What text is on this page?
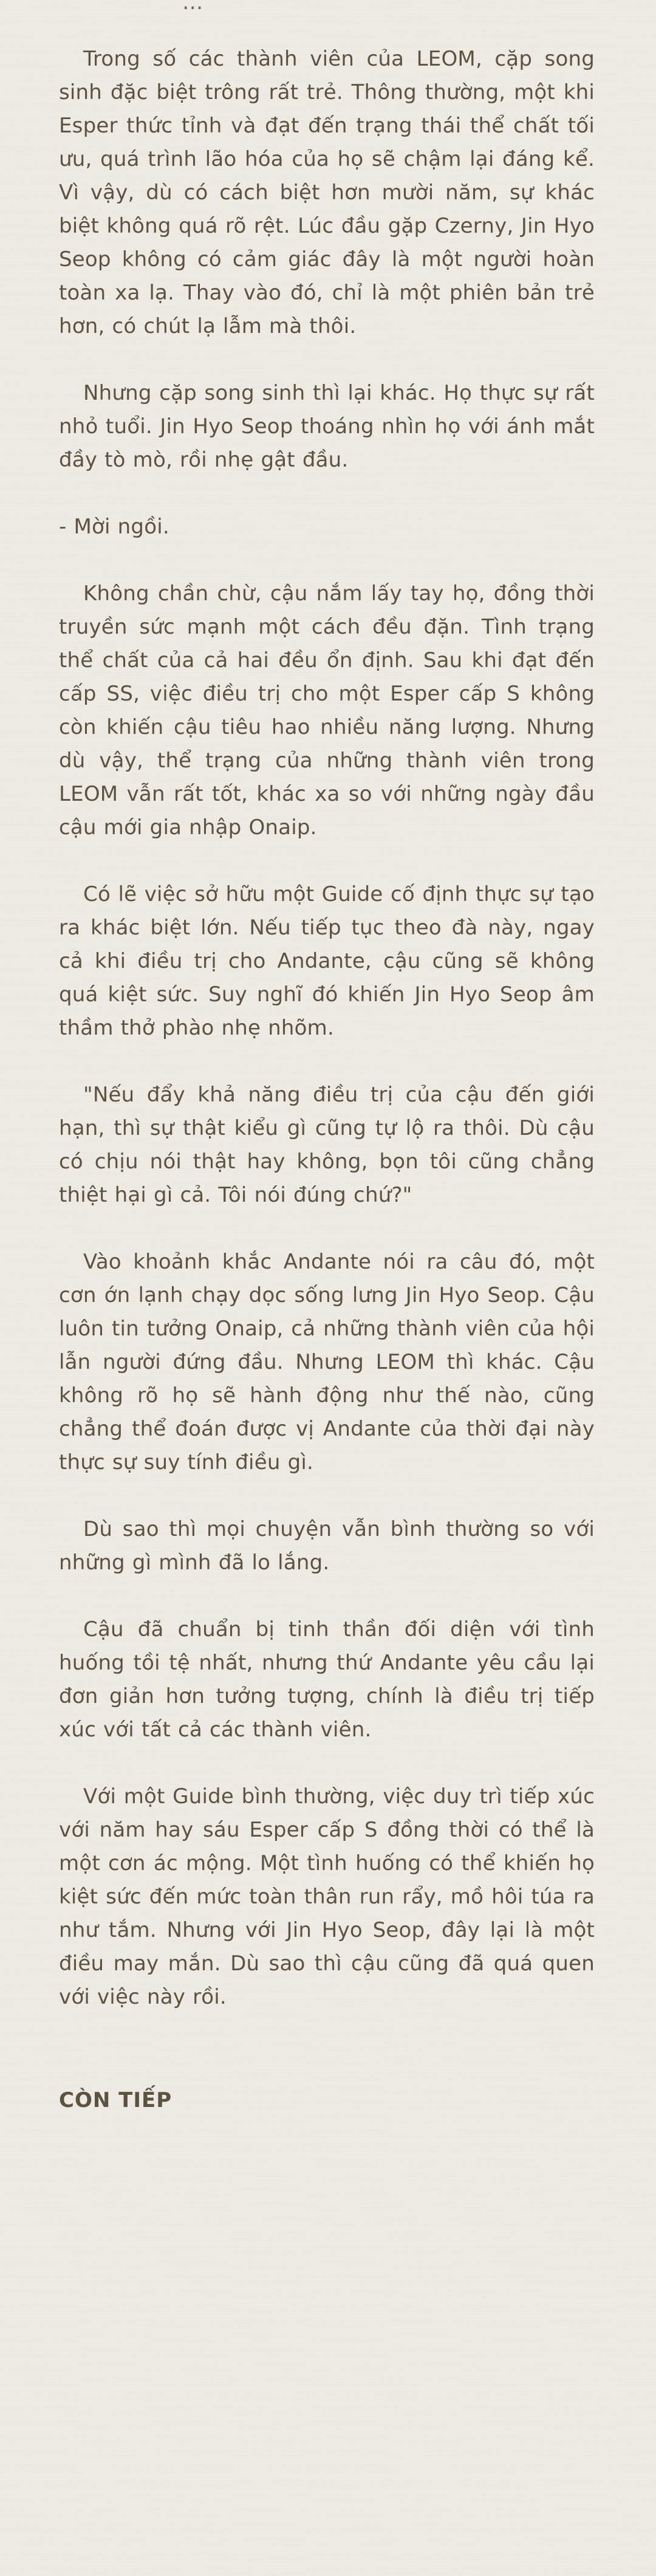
...

Trong số các thành viên của LEOM, cặp song sinh đặc biệt trông rất trẻ. Thông thường, một khi Esper thức tỉnh và đạt đến trạng thái thể chất tối ưu, quá trình lão hóa của họ sẽ chậm lại đáng kể. Vì vậy, dù có cách biệt hơn mười năm, sự khác biệt không quá rõ rệt. Lúc đầu gặp Czerny, Jin Hyo Seop không có cảm giác đây là một người hoàn toàn xa lạ. Thay vào đó, chỉ là một phiên bản trẻ hơn, có chút lạ lẫm mà thôi.

Nhưng cặp song sinh thì lại khác. Họ thực sự rất nhỏ tuổi. Jin Hyo Seop thoáng nhìn họ với ánh mắt đầy tò mò, rồi nhẹ gật đầu.

- Mời ngồi.

Không chần chừ, cậu nắm lấy tay họ, đồng thời truyền sức mạnh một cách đều đặn. Tình trạng thể chất của cả hai đều ổn định. Sau khi đạt đến cấp SS, việc điều trị cho một Esper cấp S không còn khiến cậu tiêu hao nhiều năng lượng. Nhưng dù vậy, thể trạng của những thành viên trong LEOM vẫn rất tốt, khác xa so với những ngày đầu cậu mới gia nhập Onaip.

Có lẽ việc sở hữu một Guide cố định thực sự tạo ra khác biệt lớn. Nếu tiếp tục theo đà này, ngay cả khi điều trị cho Andante, cậu cũng sẽ không quá kiệt sức. Suy nghĩ đó khiến Jin Hyo Seop âm thầm thở phào nhẹ nhõm.

"Nếu đẩy khả năng điều trị của cậu đến giới hạn, thì sự thật kiểu gì cũng tự lộ ra thôi. Dù cậu có chịu nói thật hay không, bọn tôi cũng chẳng thiệt hại gì cả. Tôi nói đúng chứ?"

Vào khoảnh khắc Andante nói ra câu đó, một cơn ớn lạnh chạy dọc sống lưng Jin Hyo Seop. Cậu luôn tin tưởng Onaip, cả những thành viên của hội lẫn người đứng đầu. Nhưng LEOM thì khác. Cậu không rõ họ sẽ hành động như thế nào, cũng chẳng thể đoán được vị Andante của thời đại này thực sự suy tính điều gì.

Dù sao thì mọi chuyện vẫn bình thường so với những gì mình đã lo lắng.

Cậu đã chuẩn bị tinh thần đối diện với tình huống tồi tệ nhất, nhưng thứ Andante yêu cầu lại đơn giản hơn tưởng tượng, chính là điều trị tiếp xúc với tất cả các thành viên.

Với một Guide bình thường, việc duy trì tiếp xúc với năm hay sáu Esper cấp S đồng thời có thể là một cơn ác mộng. Một tình huống có thể khiến họ kiệt sức đến mức toàn thân run rẩy, mồ hôi túa ra như tắm. Nhưng với Jin Hyo Seop, đây lại là một điều may mắn. Dù sao thì cậu cũng đã quá quen với việc này rồi.

CÒN TIẾP
